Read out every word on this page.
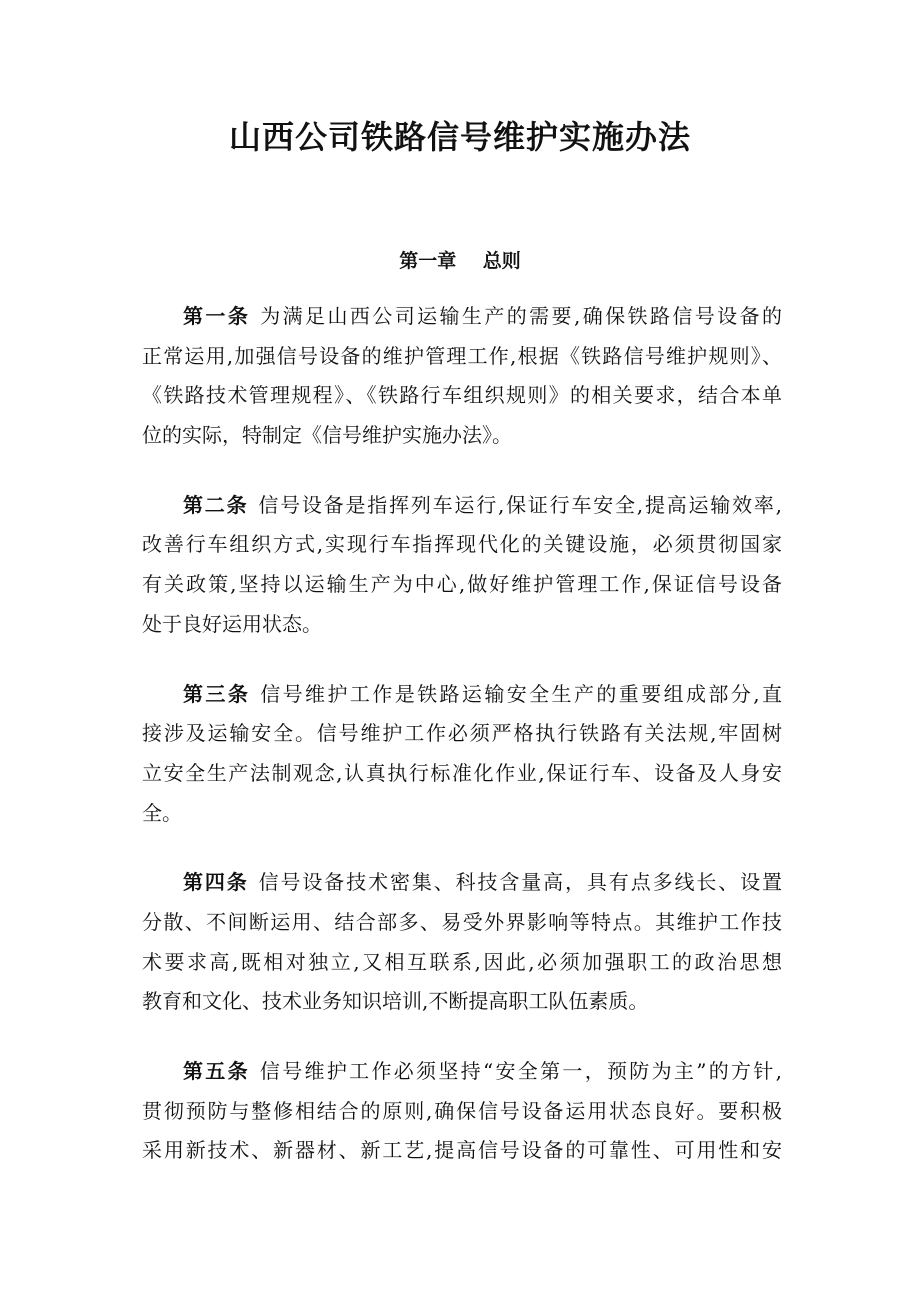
山西公司铁路信号维护实施办法
第一章    总则
第一条 为满足山西公司运输生产的需要,确保铁路信号设备的
正常运用,加强信号设备的维护管理工作,根据《铁路信号维护规则》、
《铁路技术管理规程》、《铁路行车组织规则》的相关要求，结合本单
位的实际，特制定《信号维护实施办法》。
第二条 信号设备是指挥列车运行,保证行车安全,提高运输效率,
改善行车组织方式,实现行车指挥现代化的关键设施，必须贯彻国家
有关政策,坚持以运输生产为中心,做好维护管理工作,保证信号设备
处于良好运用状态。
第三条 信号维护工作是铁路运输安全生产的重要组成部分,直
接涉及运输安全。信号维护工作必须严格执行铁路有关法规,牢固树
立安全生产法制观念,认真执行标准化作业,保证行车、设备及人身安
全。
第四条 信号设备技术密集、科技含量高，具有点多线长、设置
分散、不间断运用、结合部多、易受外界影响等特点。其维护工作技
术要求高,既相对独立,又相互联系,因此,必须加强职工的政治思想
教育和文化、技术业务知识培训,不断提高职工队伍素质。
第五条 信号维护工作必须坚持“安全第一，预防为主”的方针,
贯彻预防与整修相结合的原则,确保信号设备运用状态良好。要积极
采用新技术、新器材、新工艺,提高信号设备的可靠性、可用性和安
